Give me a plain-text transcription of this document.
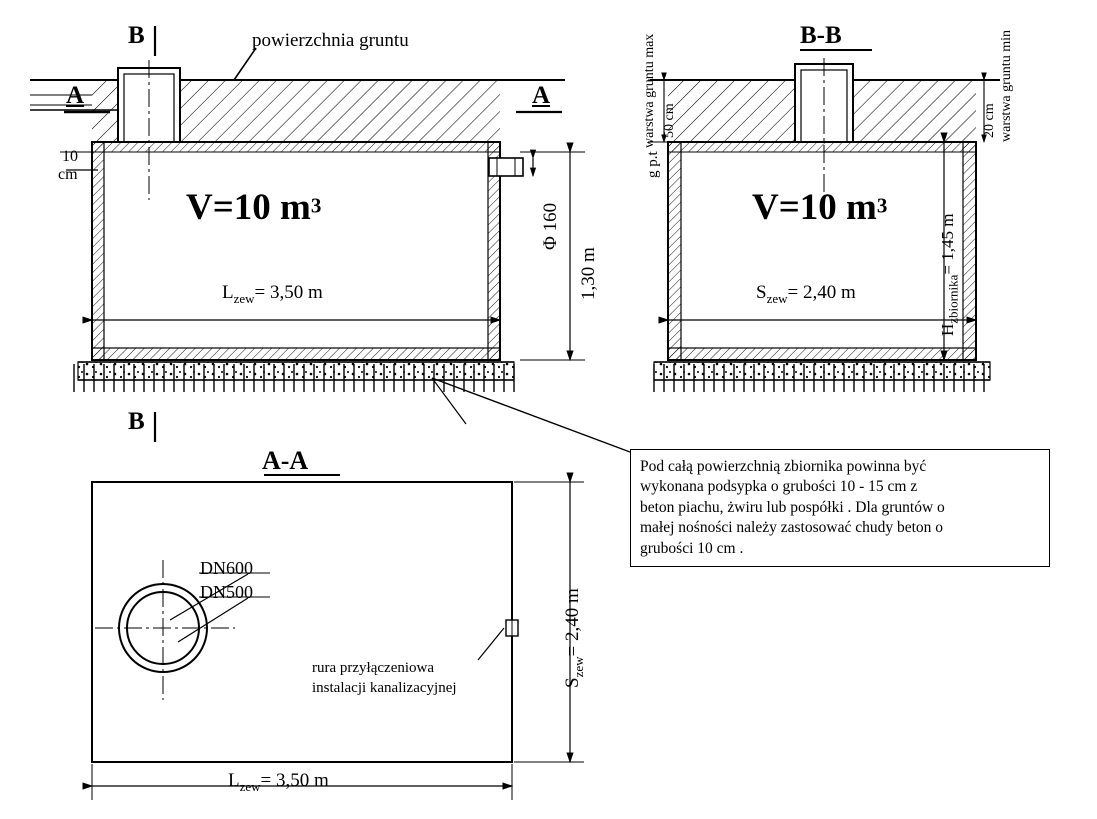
B
A	A
B
powierzchnia gruntu
10
cm
V=10 m3
$L_{zew}= 3,50$ m
Φ 160
1,30 m
B-B
warstwa gruntu max	warstwa gruntu min
50 cm	20 cm
g p.t
V=10 m3
$S_{zew}= 2,40$ m
$H_{zbiornika}= 1,45$ m
A-A
DN600
DN500
rura przyłączeniowa
instalacji kanalizacyjnej	$S_{zew}= 2,40$ m
$L_{zew}= 3,50$ m
Pod całą powierzchnią zbiornika powinna być
wykonana podsypka o grubości 10 - 15 cm z
beton piachu, żwiru lub pospółki . Dla gruntów o
małej nośności należy zastosować chudy beton o
grubości 10 cm .
